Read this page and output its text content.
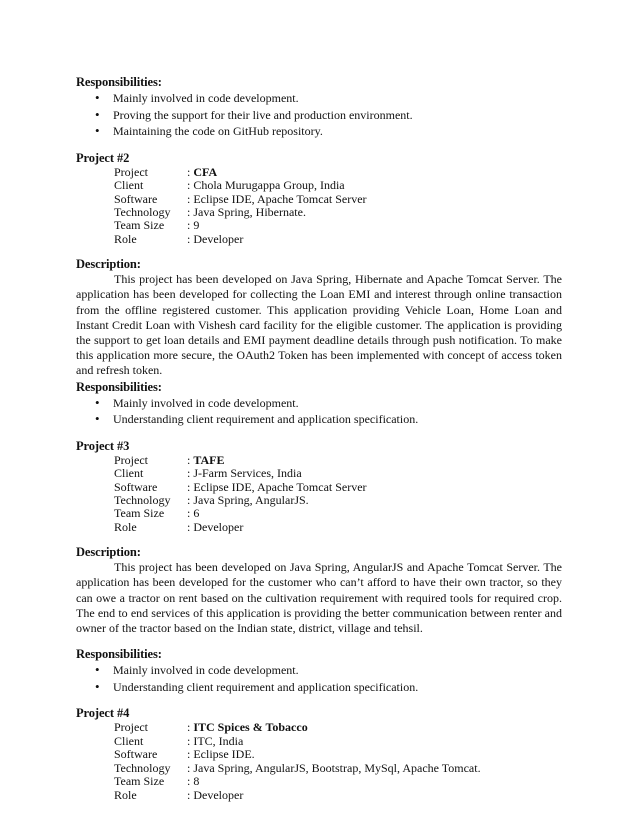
Responsibilities:
• Mainly involved in code development.
• Proving the support for their live and production environment.
• Maintaining the code on GitHub repository.
Project #2
Project	: CFA
Client	: Chola Murugappa Group, India
Software	: Eclipse IDE, Apache Tomcat Server
Technology	: Java Spring, Hibernate.
Team Size	: 9
Role	: Developer
Description:

This project has been developed on Java Spring, Hibernate and Apache Tomcat Server. The application has been developed for collecting the Loan EMI and interest through online transaction from the offline registered customer. This application providing Vehicle Loan, Home Loan and Instant Credit Loan with Vishesh card facility for the eligible customer. The application is providing the support to get loan details and EMI payment deadline details through push notification. To make this application more secure, the OAuth2 Token has been implemented with concept of access token and refresh token.

Responsibilities:
• Mainly involved in code development.
• Understanding client requirement and application specification.
Project #3
Project	: TAFE
Client	: J-Farm Services, India
Software	: Eclipse IDE, Apache Tomcat Server
Technology	: Java Spring, AngularJS.
Team Size	: 6
Role	: Developer
Description:

This project has been developed on Java Spring, AngularJS and Apache Tomcat Server. The application has been developed for the customer who can’t afford to have their own tractor, so they can owe a tractor on rent based on the cultivation requirement with required tools for required crop. The end to end services of this application is providing the better communication between renter and owner of the tractor based on the Indian state, district, village and tehsil.

Responsibilities:
• Mainly involved in code development.
• Understanding client requirement and application specification.
Project #4
Project	: ITC Spices & Tobacco
Client	: ITC, India
Software	: Eclipse IDE.
Technology	: Java Spring, AngularJS, Bootstrap, MySql, Apache Tomcat.
Team Size	: 8
Role	: Developer
